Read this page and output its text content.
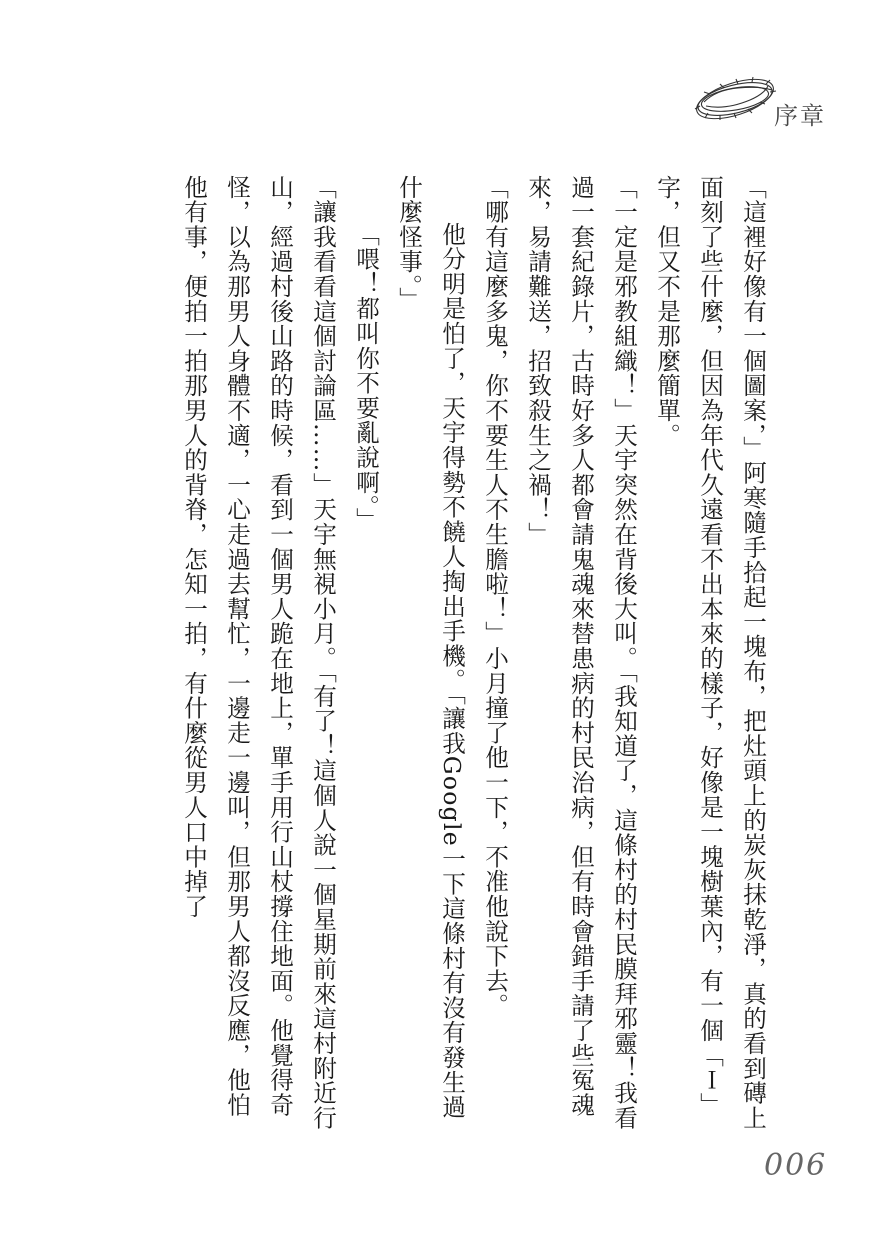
序章

「這裡好像有一個圖案，」阿寒隨手拾起一塊布，把灶頭上的炭灰抹乾淨，真的看到磚上面刻了些什麼，但因為年代久遠看不出本來的樣子，好像是一塊樹葉內，有一個「Ｉ」字，但又不是那麼簡單。

「一定是邪教組織！」天宇突然在背後大叫。「我知道了，這條村的村民膜拜邪靈！我看過一套紀錄片，古時好多人都會請鬼魂來替患病的村民治病，但有時會錯手請了些冤魂來，易請難送，招致殺生之禍！」

「哪有這麼多鬼，你不要生人不生膽啦！」小月撞了他一下，不准他說下去。

他分明是怕了，天宇得勢不饒人掏出手機。「讓我Google一下這條村有沒有發生過什麼怪事。」

「喂！都叫你不要亂說啊。」

「讓我看看這個討論區……」天宇無視小月。「有了！這個人說一個星期前來這村附近行山，經過村後山路的時候，看到一個男人跪在地上，單手用行山杖撐住地面。他覺得奇怪，以為那男人身體不適，一心走過去幫忙，一邊走一邊叫，但那男人都沒反應，他怕他有事，便拍一拍那男人的背脊，怎知一拍，有什麼從男人口中掉了

006
